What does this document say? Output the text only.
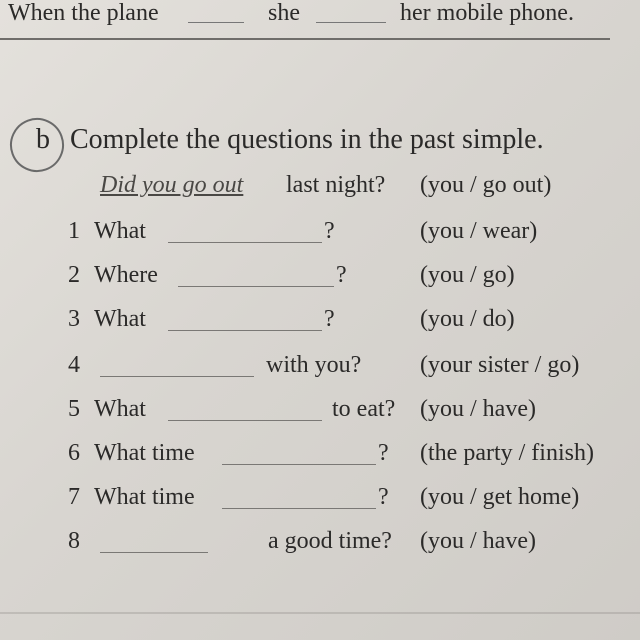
When the plane	she	her mobile phone.
b Complete the questions in the past simple.
Did you go out last night? (you / go out)
1 What	?	(you / wear)
2 Where	?	(you / go)
3 What	?	(you / do)
4	with you? (your sister / go)
5 What	to eat? (you / have)
6 What time	? (the party / finish)
7 What time	? (you / get home)
8	a good time? (you / have)
